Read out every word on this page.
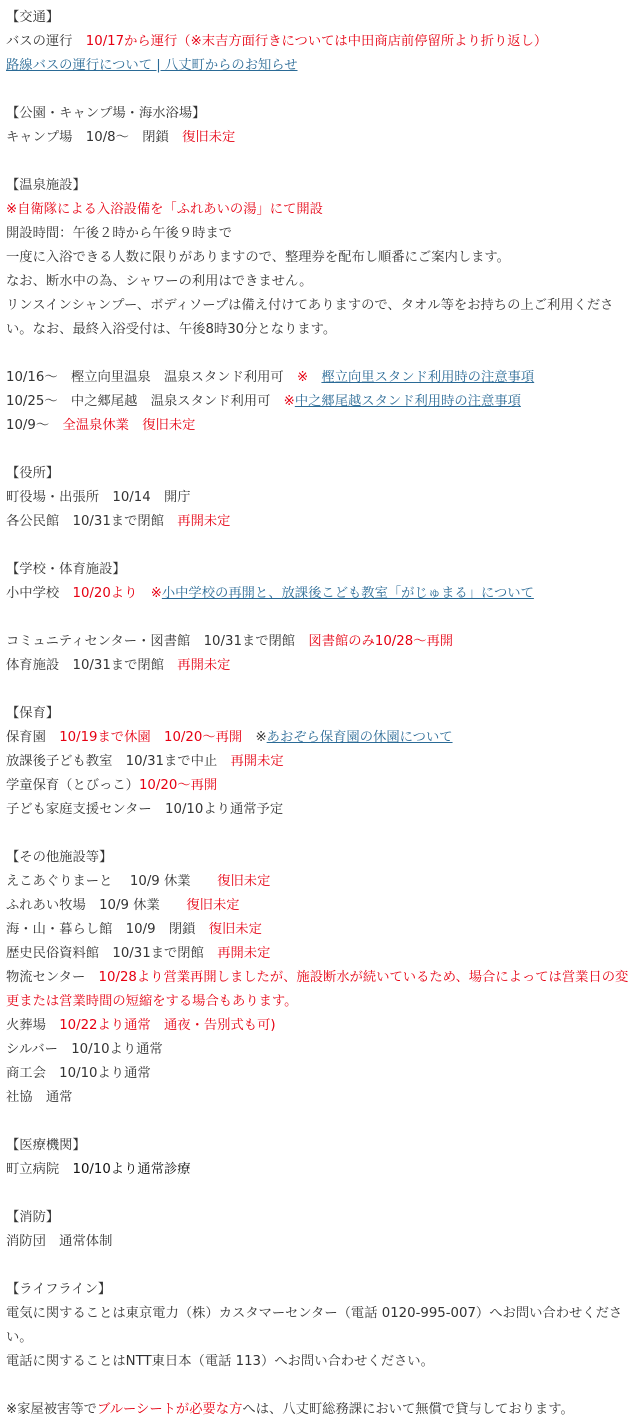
【交通】
バスの運行　10/17から運行（※末吉方面行きについては中田商店前停留所より折り返し）
路線バスの運行について | 八丈町からのお知らせ
【公園・キャンプ場・海水浴場】
キャンプ場　10/8〜　閉鎖　復旧未定
【温泉施設】
※自衛隊による入浴設備を「ふれあいの湯」にて開設
開設時間：午後２時から午後９時まで
一度に入浴できる人数に限りがありますので、整理券を配布し順番にご案内します。
なお、断水中の為、シャワーの利用はできません。
リンスインシャンプー、ボディソープは備え付けてありますので、タオル等をお持ちの上ご利用ください。なお、最終入浴受付は、午後8時30分となります。
10/16〜　樫立向里温泉　温泉スタンド利用可　※　樫立向里スタンド利用時の注意事項
10/25〜　中之郷尾越　温泉スタンド利用可　※中之郷尾越スタンド利用時の注意事項
10/9〜　全温泉休業　復旧未定
【役所】
町役場・出張所　10/14　開庁
各公民館　10/31まで閉館　再開未定
【学校・体育施設】
小中学校　10/20より　※小中学校の再開と、放課後こども教室「がじゅまる」について
コミュニティセンター・図書館　10/31まで閉館　図書館のみ10/28〜再開
体育施設　10/31まで閉館　再開未定
【保育】
保育園　10/19まで休園　10/20〜再開　※あおぞら保育園の休園について
放課後子ども教室　10/31まで中止　再開未定
学童保育（とびっこ）10/20〜再開
子ども家庭支援センター　10/10より通常予定
【その他施設等】
えこあぐりまーと　 10/9 休業　　復旧未定
ふれあい牧場　10/9 休業　　復旧未定
海・山・暮らし館　10/9　閉鎖　復旧未定
歴史民俗資料館　10/31まで閉館　再開未定
物流センター　10/28より営業再開しましたが、施設断水が続いているため、場合によっては営業日の変更または営業時間の短縮をする場合もあります。
火葬場　10/22より通常　通夜・告別式も可)
シルバー　10/10より通常
商工会　10/10より通常
社協　通常
【医療機関】
町立病院　10/10より通常診療
【消防】
消防団　通常体制
【ライフライン】
電気に関することは東京電力（株）カスタマーセンター（電話 0120-995-007）へお問い合わせください。
電話に関することはNTT東日本（電話 113）へお問い合わせください。
※家屋被害等でブルーシートが必要な方へは、八丈町総務課において無償で貸与しております。
